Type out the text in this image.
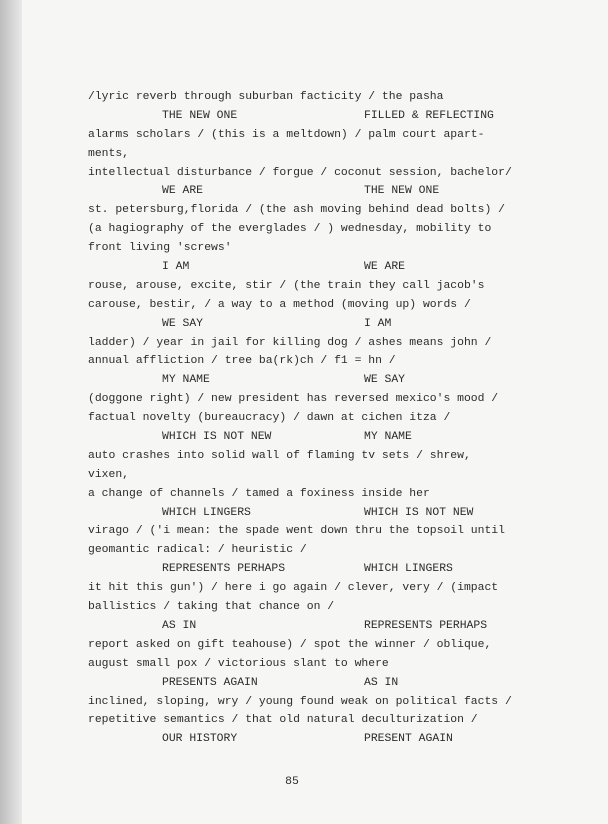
/lyric reverb through suburban facticity / the pasha
THE NEW ONE	FILLED & REFLECTING
alarms scholars / (this is a meltdown) / palm court apart-
ments,
intellectual disturbance / forgue / coconut session, bachelor/
WE ARE	THE NEW ONE
st. petersburg,florida / (the ash moving behind dead bolts) /
(a hagiography of the everglades / ) wednesday, mobility to
front living 'screws'
I AM	WE ARE
rouse, arouse, excite, stir / (the train they call jacob's
carouse, bestir, / a way to a method (moving up) words /
WE SAY	I AM
ladder) / year in jail for killing dog / ashes means john /
annual affliction / tree ba(rk)ch / f1 = hn /
MY NAME	WE SAY
(doggone right) / new president has reversed mexico's mood /
factual novelty (bureaucracy) / dawn at cichen itza /
WHICH IS NOT NEW	MY NAME
auto crashes into solid wall of flaming tv sets / shrew,
vixen,
a change of channels / tamed a foxiness inside her
WHICH LINGERS	WHICH IS NOT NEW
virago / ('i mean: the spade went down thru the topsoil until
geomantic radical: / heuristic /
REPRESENTS PERHAPS	WHICH LINGERS
it hit this gun') / here i go again / clever, very / (impact
ballistics / taking that chance on /
AS IN	REPRESENTS PERHAPS
report asked on gift teahouse) / spot the winner / oblique,
august small pox / victorious slant to where
PRESENTS AGAIN	AS IN
inclined, sloping, wry / young found weak on political facts /
repetitive semantics / that old natural deculturization /
OUR HISTORY	PRESENT AGAIN
85
